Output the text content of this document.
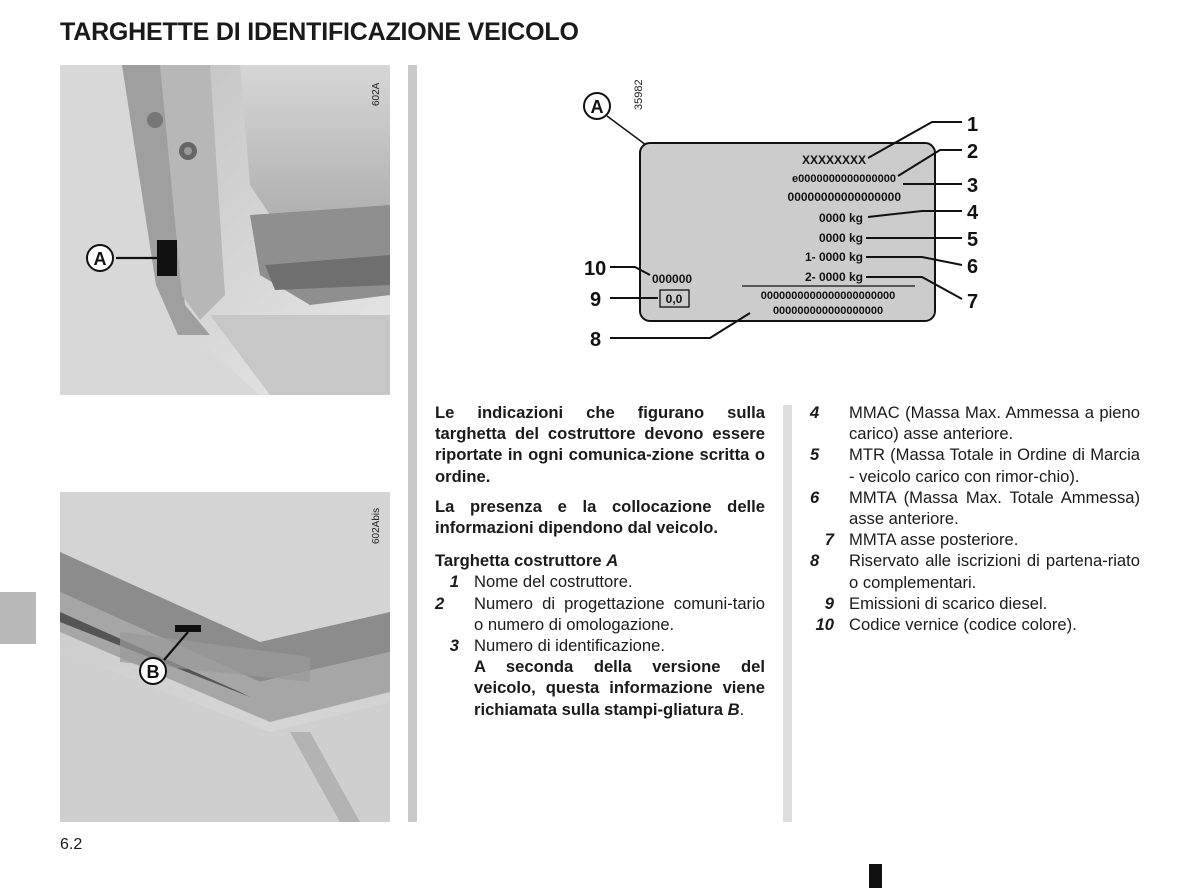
TARGHETTE DI IDENTIFICAZIONE VEICOLO
A
602A
B
602Abis
35982
A
XXXXXXXX
e0000000000000000
00000000000000000
0000 kg
0000 kg
1- 0000 kg
2- 0000 kg
000000
0,0	0000000000000000000000
000000000000000000
1
2
3
4
5
6
7
8
9
10
Le indicazioni che figurano sulla targhetta del costruttore devono essere riportate in ogni comunica-zione scritta o ordine.
La presenza e la collocazione delle informazioni dipendono dal veicolo.
Targhetta costruttore A
1 Nome del costruttore.
2	Numero di progettazione comuni-tario o numero di omologazione.
3 Numero di identificazione.
A seconda della versione del veicolo, questa informazione viene richiamata sulla stampi-gliatura B.
4	MMAC (Massa Max. Ammessa a pieno carico) asse anteriore.
5	MTR (Massa Totale in Ordine di Marcia - veicolo carico con rimor-chio).
6	MMTA (Massa Max. Totale Ammessa) asse anteriore.
7 MMTA asse posteriore.
8	Riservato alle iscrizioni di partena-riato o complementari.
9 Emissioni di scarico diesel.
10 Codice vernice (codice colore).
6.2
